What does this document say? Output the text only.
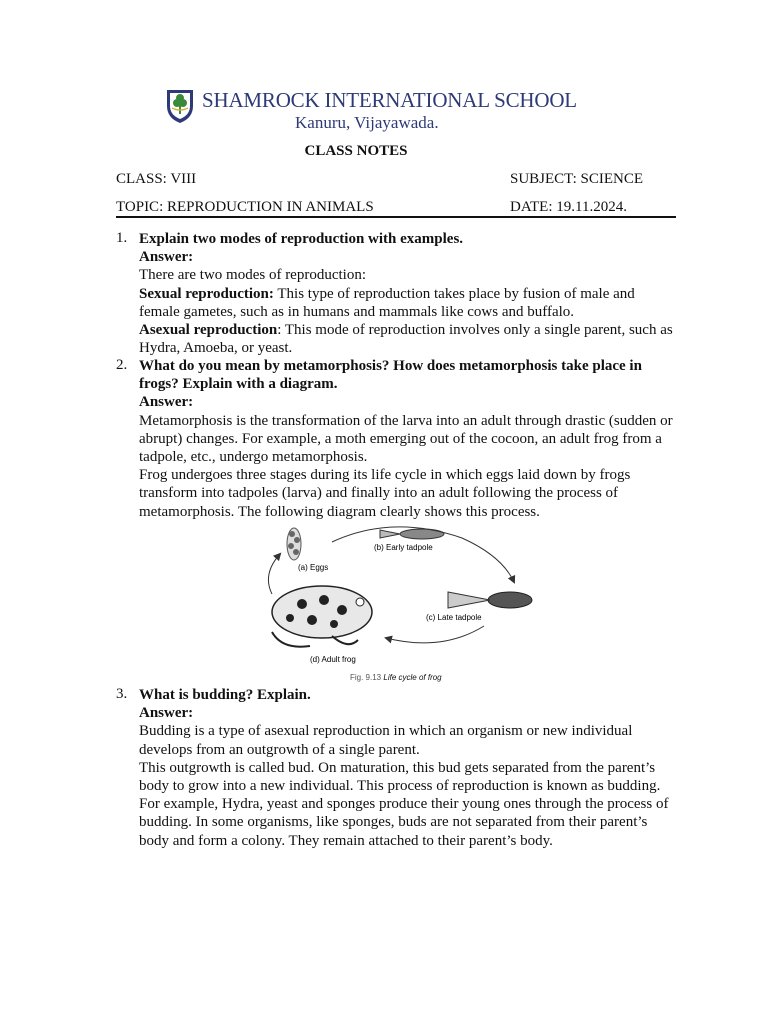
SHAMROCK INTERNATIONAL SCHOOL
Kanuru, Vijayawada.
CLASS NOTES
CLASS: VIII	SUBJECT: SCIENCE
TOPIC: REPRODUCTION IN ANIMALS	DATE: 19.11.2024.
1. Explain two modes of reproduction with examples.

Answer:

There are two modes of reproduction:

Sexual reproduction: This type of reproduction takes place by fusion of male and female gametes, such as in humans and mammals like cows and buffalo.

Asexual reproduction: This mode of reproduction involves only a single parent, such as Hydra, Amoeba, or yeast.

2. What do you mean by metamorphosis? How does metamorphosis take place in frogs? Explain with a diagram.

Answer:

Metamorphosis is the transformation of the larva into an adult through drastic (sudden or abrupt) changes. For example, a moth emerging out of the cocoon, an adult frog from a tadpole, etc., undergo metamorphosis.

Frog undergoes three stages during its life cycle in which eggs laid down by frogs transform into tadpoles (larva) and finally into an adult following the process of metamorphosis. The following diagram clearly shows this process.

(a) Eggs
(b) Early tadpole
(c) Late tadpole
(d) Adult frog
Fig. 9.13 Life cycle of frog
3. What is budding? Explain.

Answer:

Budding is a type of asexual reproduction in which an organism or new individual develops from an outgrowth of a single parent.

This outgrowth is called bud. On maturation, this bud gets separated from the parent’s body to grow into a new individual. This process of reproduction is known as budding.

For example, Hydra, yeast and sponges produce their young ones through the process of budding. In some organisms, like sponges, buds are not separated from their parent’s body and form a colony. They remain attached to their parent’s body.
